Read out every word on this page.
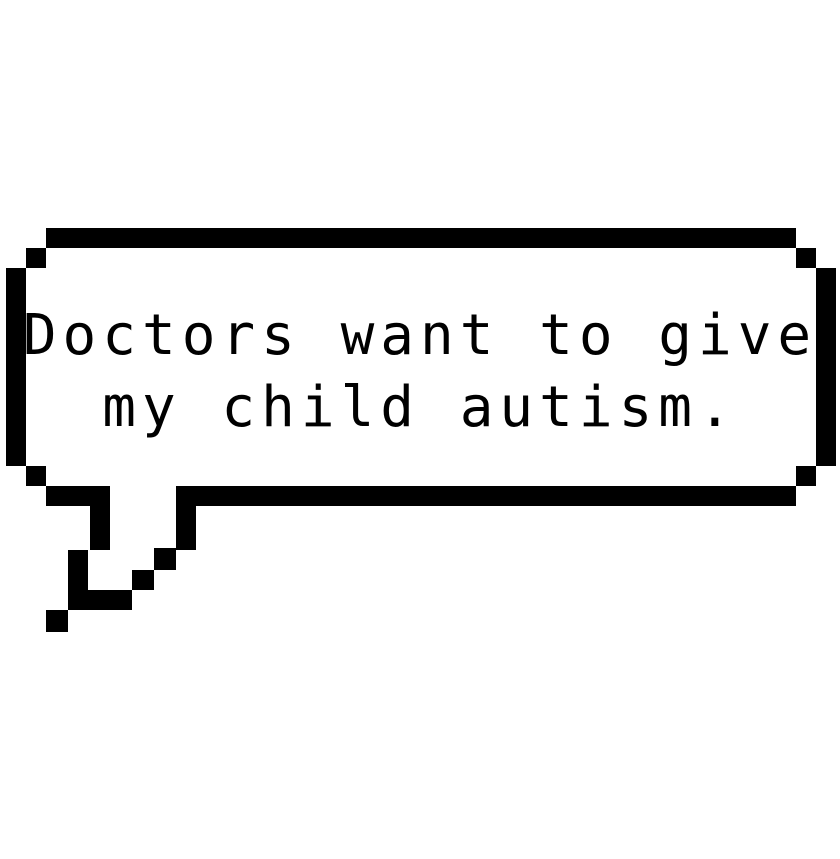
Doctors want to give
my child autism.
